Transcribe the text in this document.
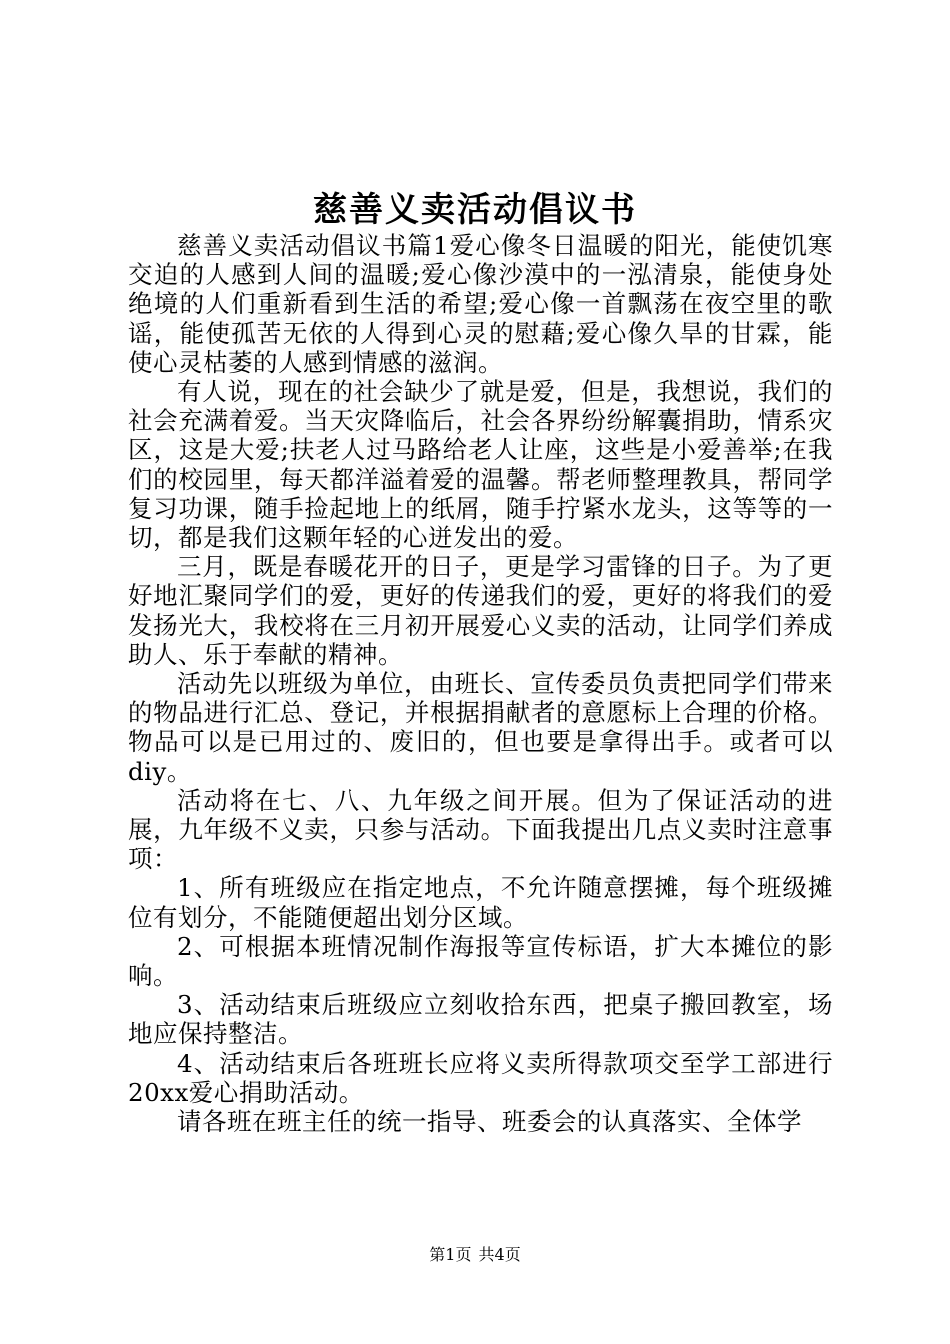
慈善义卖活动倡议书

慈善义卖活动倡议书篇1爱心像冬日温暖的阳光，能使饥寒交迫的人感到人间的温暖;爱心像沙漠中的一泓清泉，能使身处绝境的人们重新看到生活的希望;爱心像一首飘荡在夜空里的歌谣，能使孤苦无依的人得到心灵的慰藉;爱心像久旱的甘霖，能使心灵枯萎的人感到情感的滋润。

有人说，现在的社会缺少了就是爱，但是，我想说，我们的社会充满着爱。当天灾降临后，社会各界纷纷解囊捐助，情系灾区，这是大爱;扶老人过马路给老人让座，这些是小爱善举;在我们的校园里，每天都洋溢着爱的温馨。帮老师整理教具，帮同学复习功课，随手捡起地上的纸屑，随手拧紧水龙头，这等等的一切，都是我们这颗年轻的心迸发出的爱。

三月，既是春暖花开的日子，更是学习雷锋的日子。为了更好地汇聚同学们的爱，更好的传递我们的爱，更好的将我们的爱发扬光大，我校将在三月初开展爱心义卖的活动，让同学们养成助人、乐于奉献的精神。

活动先以班级为单位，由班长、宣传委员负责把同学们带来的物品进行汇总、登记，并根据捐献者的意愿标上合理的价格。物品可以是已用过的、废旧的，但也要是拿得出手。或者可以diy。

活动将在七、八、九年级之间开展。但为了保证活动的进展，九年级不义卖，只参与活动。下面我提出几点义卖时注意事项：

1、所有班级应在指定地点，不允许随意摆摊，每个班级摊位有划分，不能随便超出划分区域。

2、可根据本班情况制作海报等宣传标语，扩大本摊位的影响。

3、活动结束后班级应立刻收拾东西，把桌子搬回教室，场地应保持整洁。

4、活动结束后各班班长应将义卖所得款项交至学工部进行20xx爱心捐助活动。

请各班在班主任的统一指导、班委会的认真落实、全体学

第1页 共4页
